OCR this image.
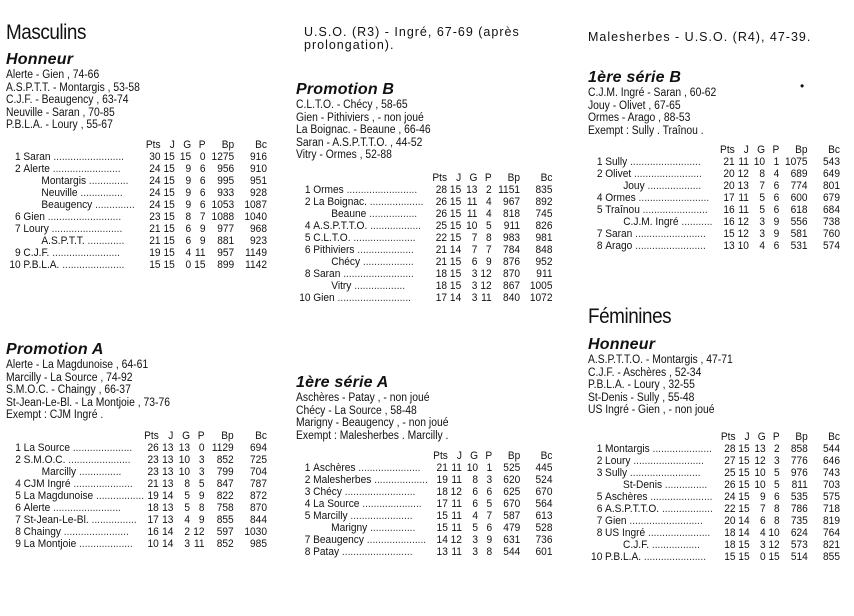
Masculins
Honneur
Alerte - Gien , 74-66
A.S.P.T.T. - Montargis , 53-58
C.J.F. - Beaugency , 63-74
Neuville - Saran , 70-85
P.B.L.A. - Loury , 55-67
		Pts	J	G	P	Bp	Bc
1	Saran .........................	30	15	15	0	1275	916
2	Alerte ........................	24	15	9	6	956	910
	Montargis ..............	24	15	9	6	995	951
	Neuville ...............	24	15	9	6	933	928
	Beaugency ..............	24	15	9	6	1053	1087
6	Gien ..........................	23	15	8	7	1088	1040
7	Loury .........................	21	15	6	9	977	968
	A.S.P.T.T. .............	21	15	6	9	881	923
9	C.J.F. ........................	19	15	4	11	957	1149
10	P.B.L.A. ......................	15	15	0	15	899	1142
Promotion A
Alerte - La Magdunoise , 64-61
Marcilly - La Source , 74-92
S.M.O.C. - Chaingy , 66-37
St-Jean-Le-Bl. - La Montjoie , 73-76
Exempt : CJM Ingré .
		Pts	J	G	P	Bp	Bc
1	La Source .....................	26	13	13	0	1129	694
2	S.M.O.C. ......................	23	13	10	3	852	725
	Marcilly ...............	23	13	10	3	799	704
4	CJM Ingré .....................	21	13	8	5	847	787
5	La Magdunoise .................	19	14	5	9	822	872
6	Alerte ........................	18	13	5	8	758	870
7	St-Jean-Le-Bl. ................	17	13	4	9	855	844
8	Chaingy .......................	16	14	2	12	597	1030
9	La Montjoie ...................	10	14	3	11	852	985
U.S.O. (R3) - Ingré, 67-69 (après prolongation).
Promotion B
C.L.T.O. - Chécy , 58-65
Gien - Pithiviers , - non joué
La Boignac. - Beaune , 66-46
Saran - A.S.P.T.T.O. , 44-52
Vitry - Ormes , 52-88
		Pts	J	G	P	Bp	Bc
1	Ormes .........................	28	15	13	2	1151	835
2	La Boignac. ...................	26	15	11	4	967	892
	Beaune .................	26	15	11	4	818	745
4	A.S.P.T.T.O. ..................	25	15	10	5	911	826
5	C.L.T.O. ......................	22	15	7	8	983	981
6	Pithiviers ....................	21	14	7	7	784	848
	Chécy ..................	21	15	6	9	876	952
8	Saran .........................	18	15	3	12	870	911
	Vitry ..................	18	15	3	12	867	1005
10	Gien ..........................	17	14	3	11	840	1072
1ère série A
Aschères - Patay , - non joué
Chécy - La Source , 58-48
Marigny - Beaugency , - non joué
Exempt : Malesherbes . Marcilly .
		Pts	J	G	P	Bp	Bc
1	Aschères ......................	21	11	10	1	525	445
2	Malesherbes ...................	19	11	8	3	620	524
3	Chécy .........................	18	12	6	6	625	670
4	La Source .....................	17	11	6	5	670	564
5	Marcilly ......................	15	11	4	7	587	613
	Marigny ................	15	11	5	6	479	528
7	Beaugency .....................	14	12	3	9	631	736
8	Patay .........................	13	11	3	8	544	601
Malesherbes - U.S.O. (R4), 47-39.
1ère série B	•
C.J.M. Ingré - Saran , 60-62
Jouy - Olivet , 67-65
Ormes - Arago , 88-53
Exempt : Sully . Traînou .
		Pts	J	G	P	Bp	Bc
1	Sully .........................	21	11	10	1	1075	543
2	Olivet ........................	20	12	8	4	689	649
	Jouy ...................	20	13	7	6	774	801
4	Ormes .........................	17	11	5	6	600	679
5	Traînou .......................	16	11	5	6	618	684
	C.J.M. Ingré ...........	16	12	3	9	556	738
7	Saran .........................	15	12	3	9	581	760
8	Arago .........................	13	10	4	6	531	574
Féminines
Honneur
A.S.P.T.T.O. - Montargis , 47-71
C.J.F. - Aschères , 52-34
P.B.L.A. - Loury , 32-55
St-Denis - Sully , 55-48
US Ingré - Gien , - non joué
		Pts	J	G	P	Bp	Bc
1	Montargis .....................	28	15	13	2	858	544
2	Loury .........................	27	15	12	3	776	646
3	Sully .........................	25	15	10	5	976	743
	St-Denis ...............	26	15	10	5	811	703
5	Aschères ......................	24	15	9	6	535	575
6	A.S.P.T.T.O. ..................	22	15	7	8	786	718
7	Gien ..........................	20	14	6	8	735	819
8	US Ingré ......................	18	14	4	10	624	764
	C.J.F. .................	18	15	3	12	573	821
10	P.B.L.A. ......................	15	15	0	15	514	855
